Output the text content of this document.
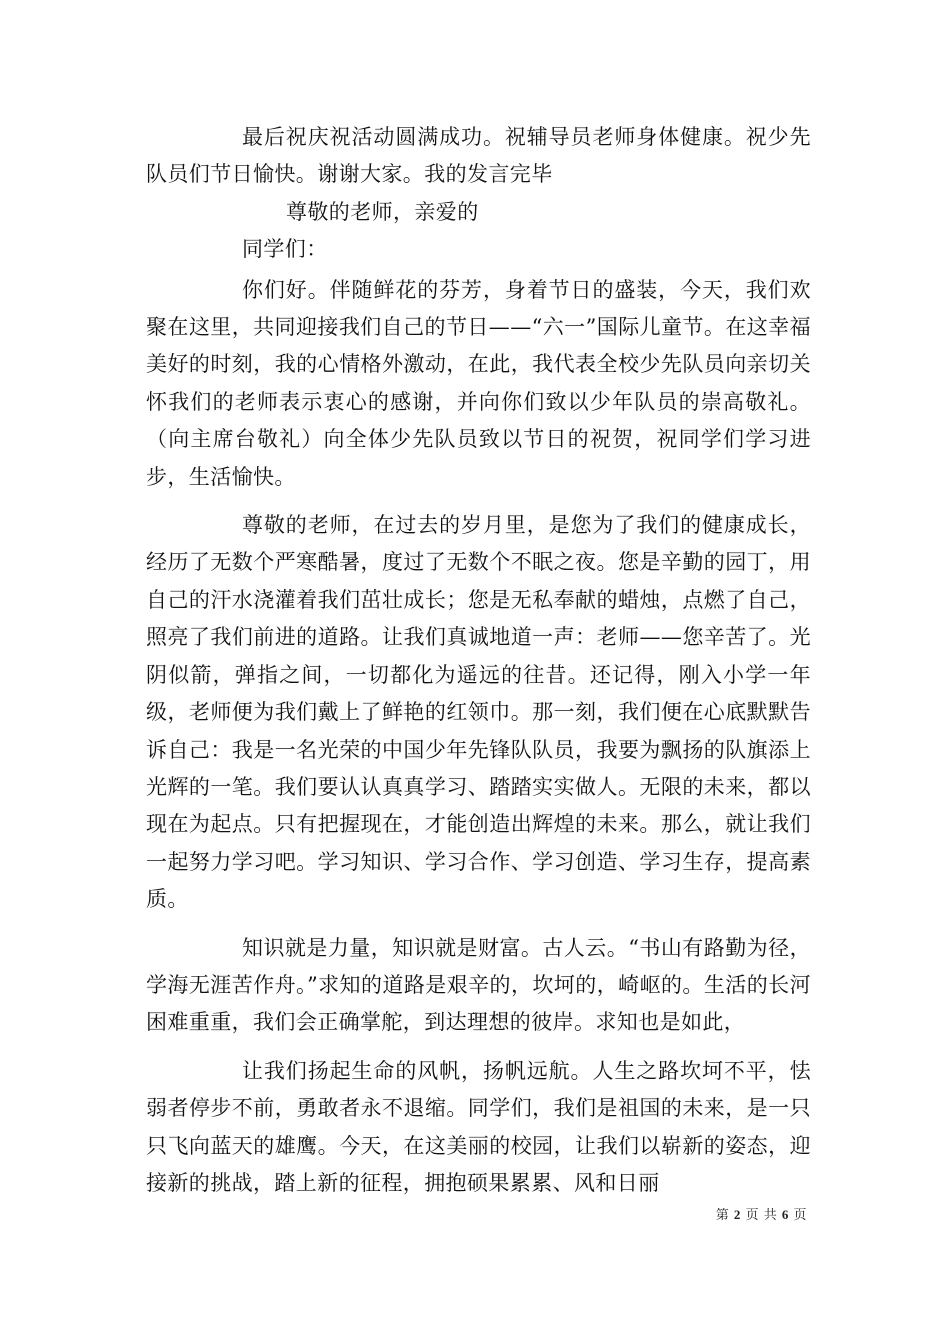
最后祝庆祝活动圆满成功。祝辅导员老师身体健康。祝少先队员们节日愉快。谢谢大家。我的发言完毕

尊敬的老师，亲爱的

同学们：

你们好。伴随鲜花的芬芳，身着节日的盛装，今天，我们欢聚在这里，共同迎接我们自己的节日——“六一”国际儿童节。在这幸福美好的时刻，我的心情格外激动，在此，我代表全校少先队员向亲切关怀我们的老师表示衷心的感谢，并向你们致以少年队员的崇高敬礼。（向主席台敬礼）向全体少先队员致以节日的祝贺，祝同学们学习进步，生活愉快。

尊敬的老师，在过去的岁月里，是您为了我们的健康成长，经历了无数个严寒酷暑，度过了无数个不眠之夜。您是辛勤的园丁，用自己的汗水浇灌着我们茁壮成长；您是无私奉献的蜡烛，点燃了自己，照亮了我们前进的道路。让我们真诚地道一声：老师——您辛苦了。光阴似箭，弹指之间，一切都化为遥远的往昔。还记得，刚入小学一年级，老师便为我们戴上了鲜艳的红领巾。那一刻，我们便在心底默默告诉自己：我是一名光荣的中国少年先锋队队员，我要为飘扬的队旗添上光辉的一笔。我们要认认真真学习、踏踏实实做人。无限的未来，都以现在为起点。只有把握现在，才能创造出辉煌的未来。那么，就让我们一起努力学习吧。学习知识、学习合作、学习创造、学习生存，提高素质。

知识就是力量，知识就是财富。古人云。“书山有路勤为径，学海无涯苦作舟。”求知的道路是艰辛的，坎坷的，崎岖的。生活的长河困难重重，我们会正确掌舵，到达理想的彼岸。求知也是如此，

让我们扬起生命的风帆，扬帆远航。人生之路坎坷不平，怯弱者停步不前，勇敢者永不退缩。同学们，我们是祖国的未来，是一只只飞向蓝天的雄鹰。今天，在这美丽的校园，让我们以崭新的姿态，迎接新的挑战，踏上新的征程，拥抱硕果累累、风和日丽

第 2 页 共 6 页
